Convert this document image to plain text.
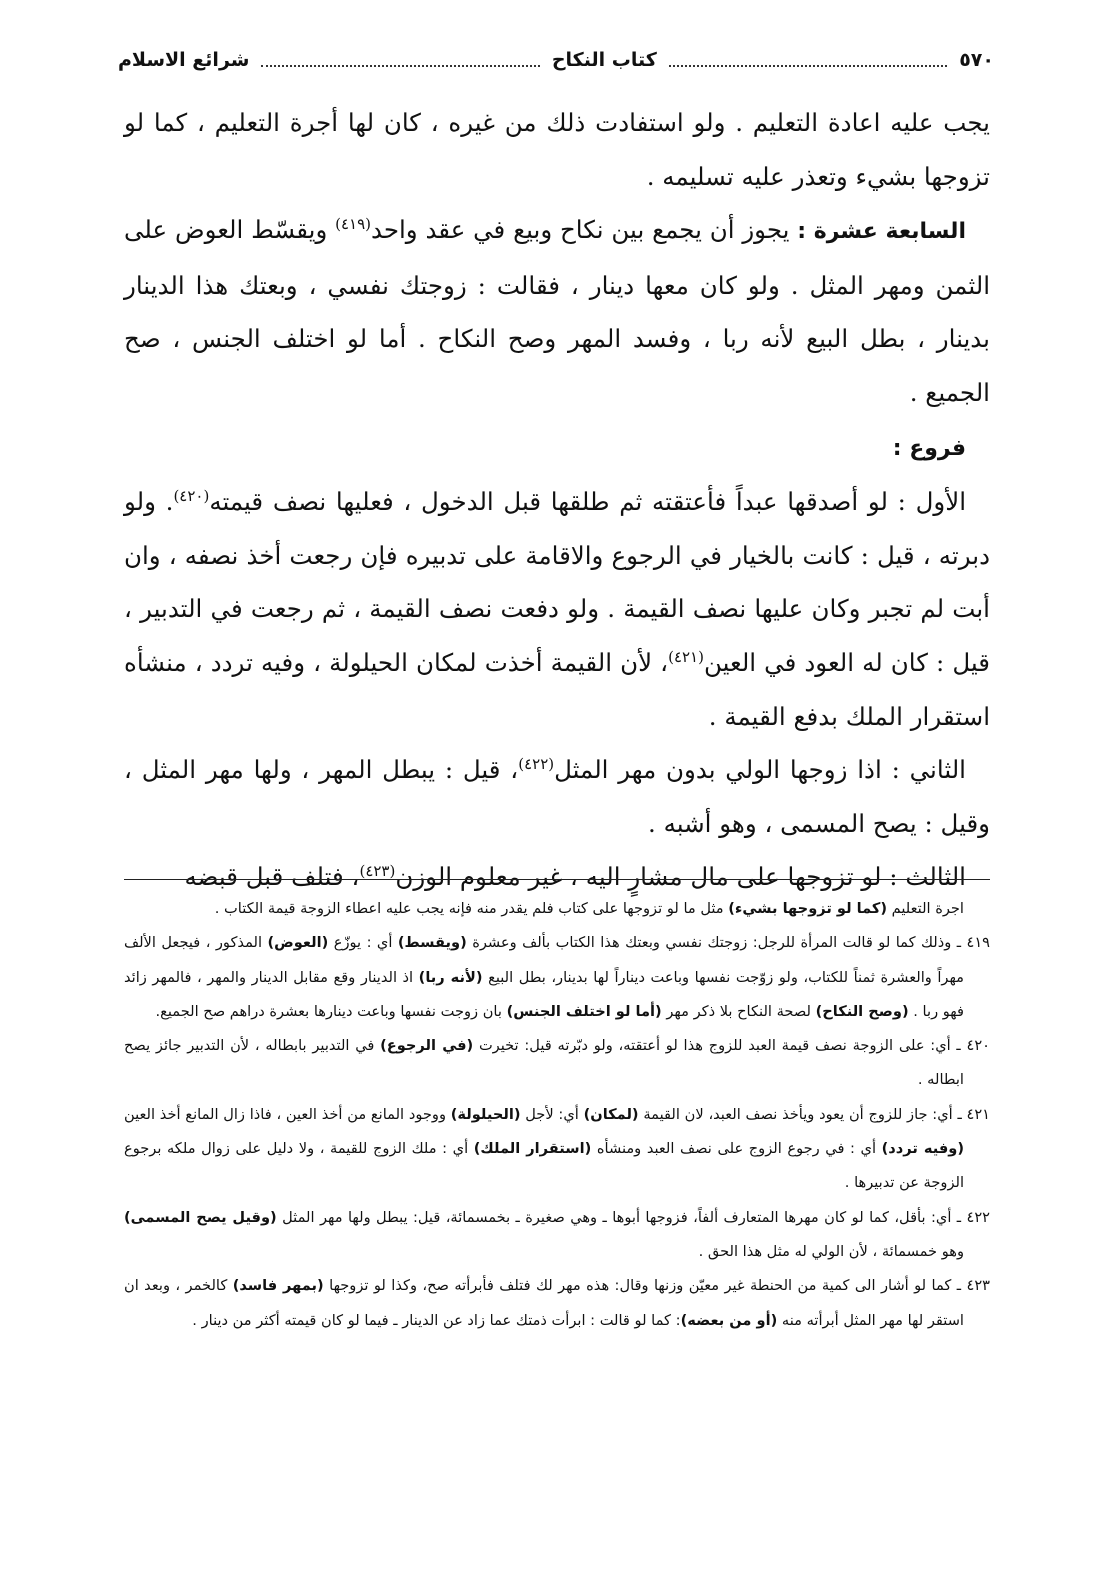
٥٧٠
كتاب النكاح
شرائع الاسلام

يجب عليه اعادة التعليم . ولو استفادت ذلك من غيره ، كان لها أجرة التعليم ، كما لو تزوجها بشيء وتعذر عليه تسليمه .

السابعة عشرة : يجوز أن يجمع بين نكاح وبيع في عقد واحد$^{(٤١٩)}$ ويقسّط العوض على الثمن ومهر المثل . ولو كان معها دينار ، فقالت : زوجتك نفسي ، وبعتك هذا الدينار بدينار ، بطل البيع لأنه ربا ، وفسد المهر وصح النكاح . أما لو اختلف الجنس ، صح الجميع .

فروع :

الأول : لو أصدقها عبداً فأعتقته ثم طلقها قبل الدخول ، فعليها نصف قيمته$^{(٤٢٠)}$. ولو دبرته ، قيل : كانت بالخيار في الرجوع والاقامة على تدبيره فإن رجعت أخذ نصفه ، وان أبت لم تجبر وكان عليها نصف القيمة . ولو دفعت نصف القيمة ، ثم رجعت في التدبير ، قيل : كان له العود في العين$^{(٤٢١)}$، لأن القيمة أخذت لمكان الحيلولة ، وفيه تردد ، منشأه استقرار الملك بدفع القيمة .

الثاني : اذا زوجها الولي بدون مهر المثل$^{(٤٢٢)}$، قيل : يبطل المهر ، ولها مهر المثل ، وقيل : يصح المسمى ، وهو أشبه .

الثالث : لو تزوجها على مال مشارٍ اليه ، غير معلوم الوزن$^{(٤٢٣)}$، فتلف قبل قبضه

اجرة التعليم (كما لو تزوجها بشيء) مثل ما لو تزوجها على كتاب فلم يقدر منه فإنه يجب عليه اعطاء الزوجة قيمة الكتاب .

٤١٩ ـ وذلك كما لو قالت المرأة للرجل: زوجتك نفسي وبعتك هذا الكتاب بألف وعشرة (ويقسط) أي : يوزّع (العوض) المذكور ، فيجعل الألف مهراً والعشرة ثمناً للكتاب، ولو زوّجت نفسها وباعت ديناراً لها بدينار، بطل البيع (لأنه ربا) اذ الدينار وقع مقابل الدينار والمهر ، فالمهر زائد فهو ربا . (وصح النكاح) لصحة النكاح بلا ذكر مهر (أما لو اختلف الجنس) بان زوجت نفسها وباعت دينارها بعشرة دراهم صح الجميع.

٤٢٠ ـ أي: على الزوجة نصف قيمة العبد للزوج هذا لو أعتقته، ولو دبّرته قيل: تخيرت (في الرجوع) في التدبير بابطاله ، لأن التدبير جائز يصح ابطاله .

٤٢١ ـ أي: جاز للزوج أن يعود ويأخذ نصف العبد، لان القيمة (لمكان) أي: لأجل (الحيلولة) ووجود المانع من أخذ العين ، فاذا زال المانع أخذ العين (وفيه تردد) أي : في رجوع الزوج على نصف العبد ومنشأه (استقرار الملك) أي : ملك الزوج للقيمة ، ولا دليل على زوال ملكه برجوع الزوجة عن تدبيرها .

٤٢٢ ـ أي: بأقل، كما لو كان مهرها المتعارف ألفاً، فزوجها أبوها ـ وهي صغيرة ـ بخمسمائة، قيل: يبطل ولها مهر المثل (وقيل يصح المسمى) وهو خمسمائة ، لأن الولي له مثل هذا الحق .

٤٢٣ ـ كما لو أشار الى كمية من الحنطة غير معيّن وزنها وقال: هذه مهر لك فتلف فأبرأته صح، وكذا لو تزوجها (بمهر فاسد) كالخمر ، وبعد ان استقر لها مهر المثل أبرأته منه (أو من بعضه): كما لو قالت : ابرأت ذمتك عما زاد عن الدينار ـ فيما لو كان قيمته أكثر من دينار .
